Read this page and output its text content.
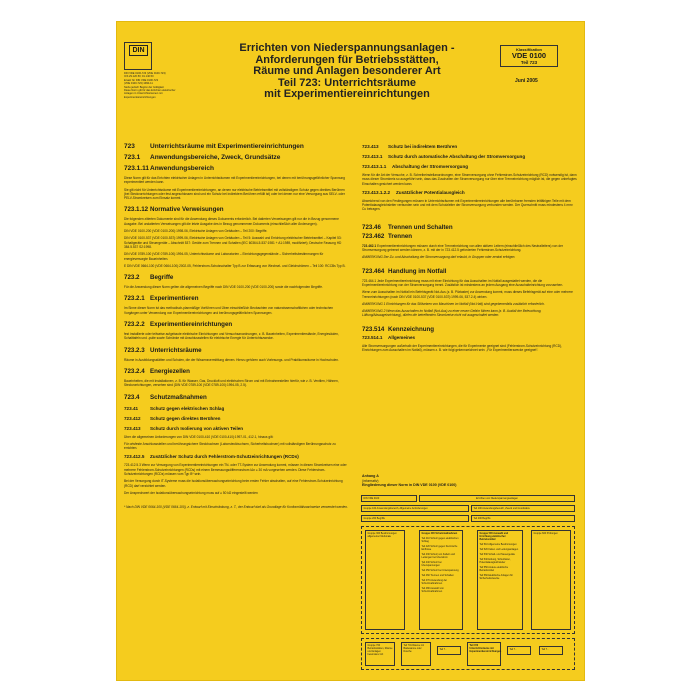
DIN
DIN VDE 0100-723 (VDE 0100-723)
ICS 29.120.50; 91.140.50
Ersatz für DIN VDE 0100-723
(VDE 0100-723):1990-11
Siehe jedoch Beginn der Gültigkeit
Diese Norm gilt für das Errichten elektrischer
Anlagen in Unterrichtsräumen mit
Experimentiereinrichtungen
Errichten von Niederspannungsanlagen -
Anforderungen für Betriebsstätten,
Räume und Anlagen besonderer Art
Teil 723: Unterrichtsräume
mit Experimentiereinrichtungen
Klassifikation
VDE 0100
Teil 723
Juni 2005
723 Unterrichtsräume mit Experimentiereinrichtungen
723.1 Anwendungsbereiche, Zweck, Grundsätze
723.1.11Anwendungsbereich
Diese Norm gilt für das Errichten elektrischer Anlagen in Unterrichtsräumen mit Experimentiereinrichtungen, bei denen mit berührungsgefährlicher Spannung experimentiert werden kann.
Sie gilt nicht für Unterrichtsräume mit Experimentiereinrichtungen, an denen nur elektrische Betriebsmittel mit vollständigem Schutz gegen direktes Berühren (bei Steckvorrichtungen oder fest angeschlossen sind und ein Schutz bei indirektem Berühren erfüllt ist) oder bei denen nur eine Versorgung aus SELV- oder PELV-Stromkreisen zum Einsatz kommt.
723.1.12 Normative Verweisungen
Die folgenden zitierten Dokumente sind für die Anwendung dieses Dokuments erforderlich. Bei datierten Verweisungen gilt nur die in Bezug genommene Ausgabe. Bei undatierten Verweisungen gilt die letzte Ausgabe des in Bezug genommenen Dokuments (einschließlich aller Änderungen).
DIN VDE 0100-200 (VDE 0100-200):1998-06, Elektrische Anlagen von Gebäuden – Teil 200: Begriffe.
DIN VDE 0100-537 (VDE 0100-537):1999-06, Elektrische Anlagen von Gebäuden – Teil 5: Auswahl und Errichtung elektrischer Betriebsmittel – Kapitel 53: Schaltgeräte und Steuergeräte – Abschnitt 537: Geräte zum Trennen und Schalten (IEC 60364-5-537:1981 + A1:1989, modifiziert); Deutsche Fassung HD 384.5.537 S2:1998.
DIN VDE 0789-100 (VDE 0789-100):1994-05, Unterrichtsräume und Laboratorien – Einrichtungsgegenstände – Sicherheitsbestimmungen für energieversorgte Baueinheiten.
E DIN VDE 0664-100 (VDE 0664-100):2002-05, Fehlerstrom-Schutzschalter Typ B zur Erfassung von Wechsel- und Gleichströmen – Teil 100: RCCBs Typ B.
723.2 Begriffe
Für die Anwendung dieser Norm gelten die allgemeinen Begriffe nach DIN VDE 0100-200 (VDE 0100-200) sowie die nachfolgenden Begriffe.
723.2.1 Experimentieren
Im Sinne dieser Norm ist das methodisch-planmäßige Vorführen und Üben einschließlich Beobachten von naturwissenschaftlichen oder technischen Vorgängen unter Verwendung von Experimentiereinrichtungen und berührungsgefährlichen Spannungen.
723.2.2 Experimentiereinrichtungen
fest installierte oder teilweise aufgebaute elektrische Einrichtungen und Versuchsanordnungen, z. B. Baueinheiten, Experimentierstände, Energiesäulen, Schalttafeln und -pulte sowie Schränke mit Anschlussstellen für elektrische Energie für Unterrichtszwecke.
723.2.3 Unterrichtsräume
Räume in Ausbildungsstätten und Schulen, die der Wissensvermittlung dienen. Hierzu gehören auch Vorlesungs- und Praktikumsräume in Hochschulen.
723.2.4 Energiezellen
Baueinheiten, die mit Installationen, z. B. für Wasser, Gas, Druckluft und elektrischen Strom und mit Entnahmestellen hierfür, wie z. B. Ventilen, Hähnen, Steckvorrichtungen, versehen sind (DIN VDE 0789-100 (VDE 0789-100):1994-05, 2.5).
723.4 Schutzmaßnahmen
723.41	Schutz gegen elektrischen Schlag
723.412 Schutz gegen direktes Berühren
723.413 Schutz durch Isolierung von aktiven Teilen
Über die allgemeinen Anforderungen von DIN VDE 0100-410 (VDE 0100-410):1997-01, 412.1, hinaus gilt:
Für ortsfeste Anschlussstellen und berührungsichere Steckbuchsen (Laborsteckbuchsen, Sicherheitsbuchsen) mit vollständigem Berührungsschutz zu errichten.
723.412.5 Zusätzlicher Schutz durch Fehlerstrom-Schutzeinrichtungen (RCDs)
723.412.5.3 Wenn zur Versorgung von Experimentiereinrichtungen ein TN- oder TT-System zur Anwendung kommt, müssen in diesen Stromkreisen eine oder mehrere Fehlerstrom-Schutzeinrichtungen (RCDs) mit einem Bemessungsdifferenzstrom IΔn ≤ 30 mA vorgesehen werden. Diese Fehlerstrom-Schutzeinrichtungen (RCDs) müssen vom Typ B* sein.
Bei der Versorgung durch IT-Systeme muss die Isolationsüberwachungseinrichtung beim ersten Fehler abschalten, auf eine Fehlerstrom-Schutzeinrichtung (RCD) darf verzichtet werden.
Der Ansprechwert der Isolationsüberwachungseinrichtung muss auf ≥ 50 kΩ eingestellt werden
* Nach DIN VDE 0664-100 (VDE 0664-100), z. Entwurf mit Einschränkung, z. T., der Entwurf darf als Grundlage für Konformitätsnachweise verwendet werden.
723.413 Schutz bei indirektem Berühren
723.413.1 Schutz durch automatische Abschaltung der Stromversorgung
723.413.1.1 Abschaltung der Stromversorgung
Wenn für die Art der Versuche, z. B. Schreibeinstellanordnungen, eine Stromversorgung ohne Fehlerstrom-Schutzeinrichtung (RCD) notwendig ist, dann muss dieser Stromkreis so ausgeführt sein, dass das Zuschalten der Stromversorgung nur über eine Trenneinrichtung möglich ist, die gegen unbefugtes Einschalten gesichert werden kann.
723.413.1.2.2 Zusätzlicher Potentialausgleich
Abweichend von den Festlegungen müssen in Unterrichtsräumen mit Experimentiereinrichtungen alle berührbaren fremden leitfähigen Teile mit dem Potentialausgleichsleiter verbunden sein und mit dem Schutzleiter der Stromversorgung verbunden werden. Der Querschnitt muss mindestens 4 mm² Cu betragen.
723.46 Trennen und Schalten
723.462 Trennen
723.462.1 Experimentiereinrichtungen müssen durch eine Trenneinrichtung von allen aktiven Leitern (einschließlich des Neutralleiters) von der Stromversorgung getrennt werden können, z. B. mit der in 723.412.5 geforderten Fehlerstrom-Schutzeinrichtung.
ANMERKUNG Der Zu- und Abschaltung der Stromversorgung darf erlaubt, in Gruppen oder zentral erfolgen.
723.464 Handlung im Notfall
723.464.1 Jede Experimentiereinrichtung muss mit einer Einrichtung für das Ausschalten im Notfall ausgestattet werden, die die Experimentiereinrichtung von der Stromversorgung trennt. Zusätzlich ist mindestens an jedem Ausgang eine Ausschalteinrichtung vorzusehen.
Wenn zum Ausschalten im Notfall ein Befehlsgerät Not-Aus (z. B. Pilztaster) zur Anwendung kommt, muss dieses Befehlsgerät auf eine oder mehrere Trenneinrichtungen (nach DIN VDE 0100-537 (VDE 0100-537):1999-06, 537.2.4) wirken.
ANMERKUNG 1 Einrichtungen für das Stillsetzen von Maschinen im Notfall (Not-Halt) sind gegebenenfalls zusätzlich erforderlich.
ANMERKUNG 2 Wenn das Ausschalten im Notfall (Not-Aus) zu einer neuen Gefahr führen kann (z. B. Ausfall der Beleuchtung, Lüftung/Absaugeinrichtung), dürfen die betreffenden Stromkreise nicht mit ausgeschaltet werden.
723.514 Kennzeichnung
723.514.1 Allgemeines
Alle Stromversorgungen außerhalb der Experimentiereinrichtungen, die für Experimente geeignet sind (Fehlerstrom-Schutzeinrichtung (RCD), Einrichtungen zum Ausschalten im Notfall), müssen z. B. wie folgt gekennzeichnet sein: „Für Experimentierzwecke geeignet“.
Anhang A
(informativ)
Eingliederung dieser Norm in DIN VDE 0100 (VDE 0100)
DIN VDE 0100	Errichten von Niederspannungsanlagen
Gruppe 100 Anwendungsbereich, Allgemeine Anforderungen	Teil 100 Anwendungsbereich, Zweck und Grundsätze
Gruppe 200 Begriffe	Teil 200 Begriffe
Gruppe 300 Bestimmungen allgemeiner Merkmale
Gruppe 400 Schutzmaßnahmen
Teil 410 Schutz gegen elektrischen Schlag
Teil 420 Schutz gegen thermische Einflüsse
Teil 430 Schutz von Kabeln und Leitungen bei Überstrom
Teil 440 Schutz bei Überspannungen
Teil 450 Schutz bei Unterspannung
Teil 460 Trennen und Schalten
Teil 470 Anwendung der Schutzmaßnahmen
Teil 480 Auswahl von Schutzmaßnahmen
Gruppe 500 Auswahl und Errichtung elektrischer Betriebsmittel
Teil 510 Allgemeine Bestimmungen
Teil 520 Kabel- und Leitungsanlagen
Teil 530 Schalt- und Steuergeräte
Teil 540 Erdung, Schutzleiter, Potentialausgleichsleiter
Teil 550 Andere elektrische Betriebsmittel
Teil 560 Elektrische Anlagen für Sicherheitszwecke
Gruppe 600 Prüfungen
Gruppe 700 Betriebsstätten, Räume und Anlagen besonderer Art
Teil 701 Räume mit Badewanne oder Dusche
Teil 7..
Teil 723 Unterrichtsräume mit Experimentiereinrichtungen
Teil 7..	Teil 7..
